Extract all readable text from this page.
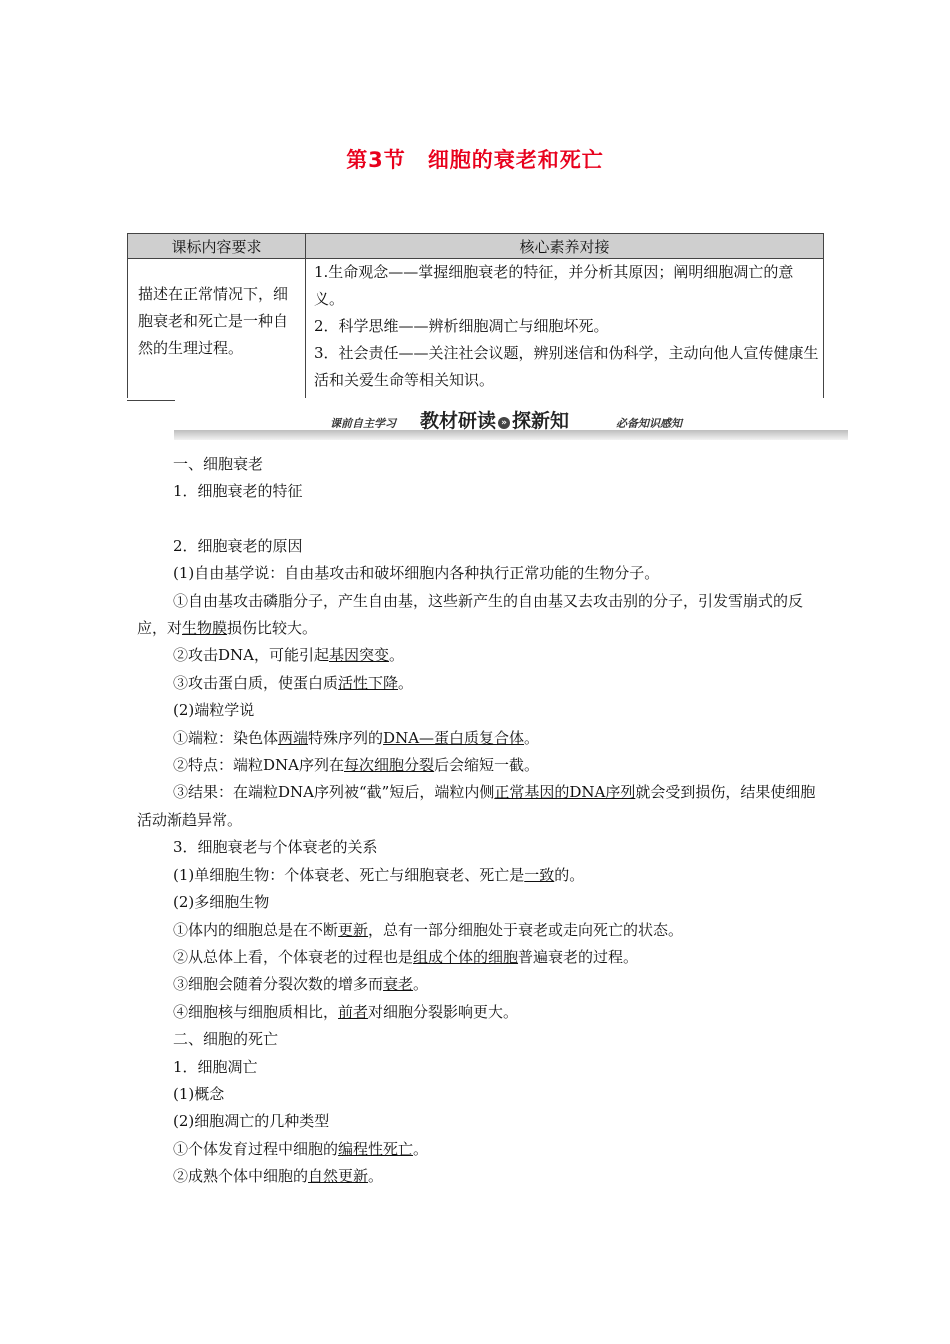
第3节 细胞的衰老和死亡
课标内容要求	核心素养对接
描述在正常情况下，细胞衰老和死亡是一种自然的生理过程。	1.生命观念——掌握细胞衰老的特征，并分析其原因；阐明细胞凋亡的意义。
2．科学思维——辨析细胞凋亡与细胞坏死。
3．社会责任——关注社会议题，辨别迷信和伪科学，主动向他人宣传健康生活和关爱生命等相关知识。
课前自主学习 教材研读 » 探新知	必备知识感知

一、细胞衰老

1．细胞衰老的特征

2．细胞衰老的原因

(1)自由基学说：自由基攻击和破坏细胞内各种执行正常功能的生物分子。

①自由基攻击磷脂分子，产生自由基，这些新产生的自由基又去攻击别的分子，引发雪崩式的反应，对生物膜损伤比较大。

②攻击DNA，可能引起基因突变。

③攻击蛋白质，使蛋白质活性下降。

(2)端粒学说

①端粒：染色体两端特殊序列的DNA—蛋白质复合体。

②特点：端粒DNA序列在每次细胞分裂后会缩短一截。

③结果：在端粒DNA序列被“截”短后，端粒内侧正常基因的DNA序列就会受到损伤，结果使细胞活动渐趋异常。

3．细胞衰老与个体衰老的关系

(1)单细胞生物：个体衰老、死亡与细胞衰老、死亡是一致的。

(2)多细胞生物

①体内的细胞总是在不断更新，总有一部分细胞处于衰老或走向死亡的状态。

②从总体上看，个体衰老的过程也是组成个体的细胞普遍衰老的过程。

③细胞会随着分裂次数的增多而衰老。

④细胞核与细胞质相比，前者对细胞分裂影响更大。

二、细胞的死亡

1．细胞凋亡

(1)概念

(2)细胞凋亡的几种类型

①个体发育过程中细胞的编程性死亡。

②成熟个体中细胞的自然更新。
